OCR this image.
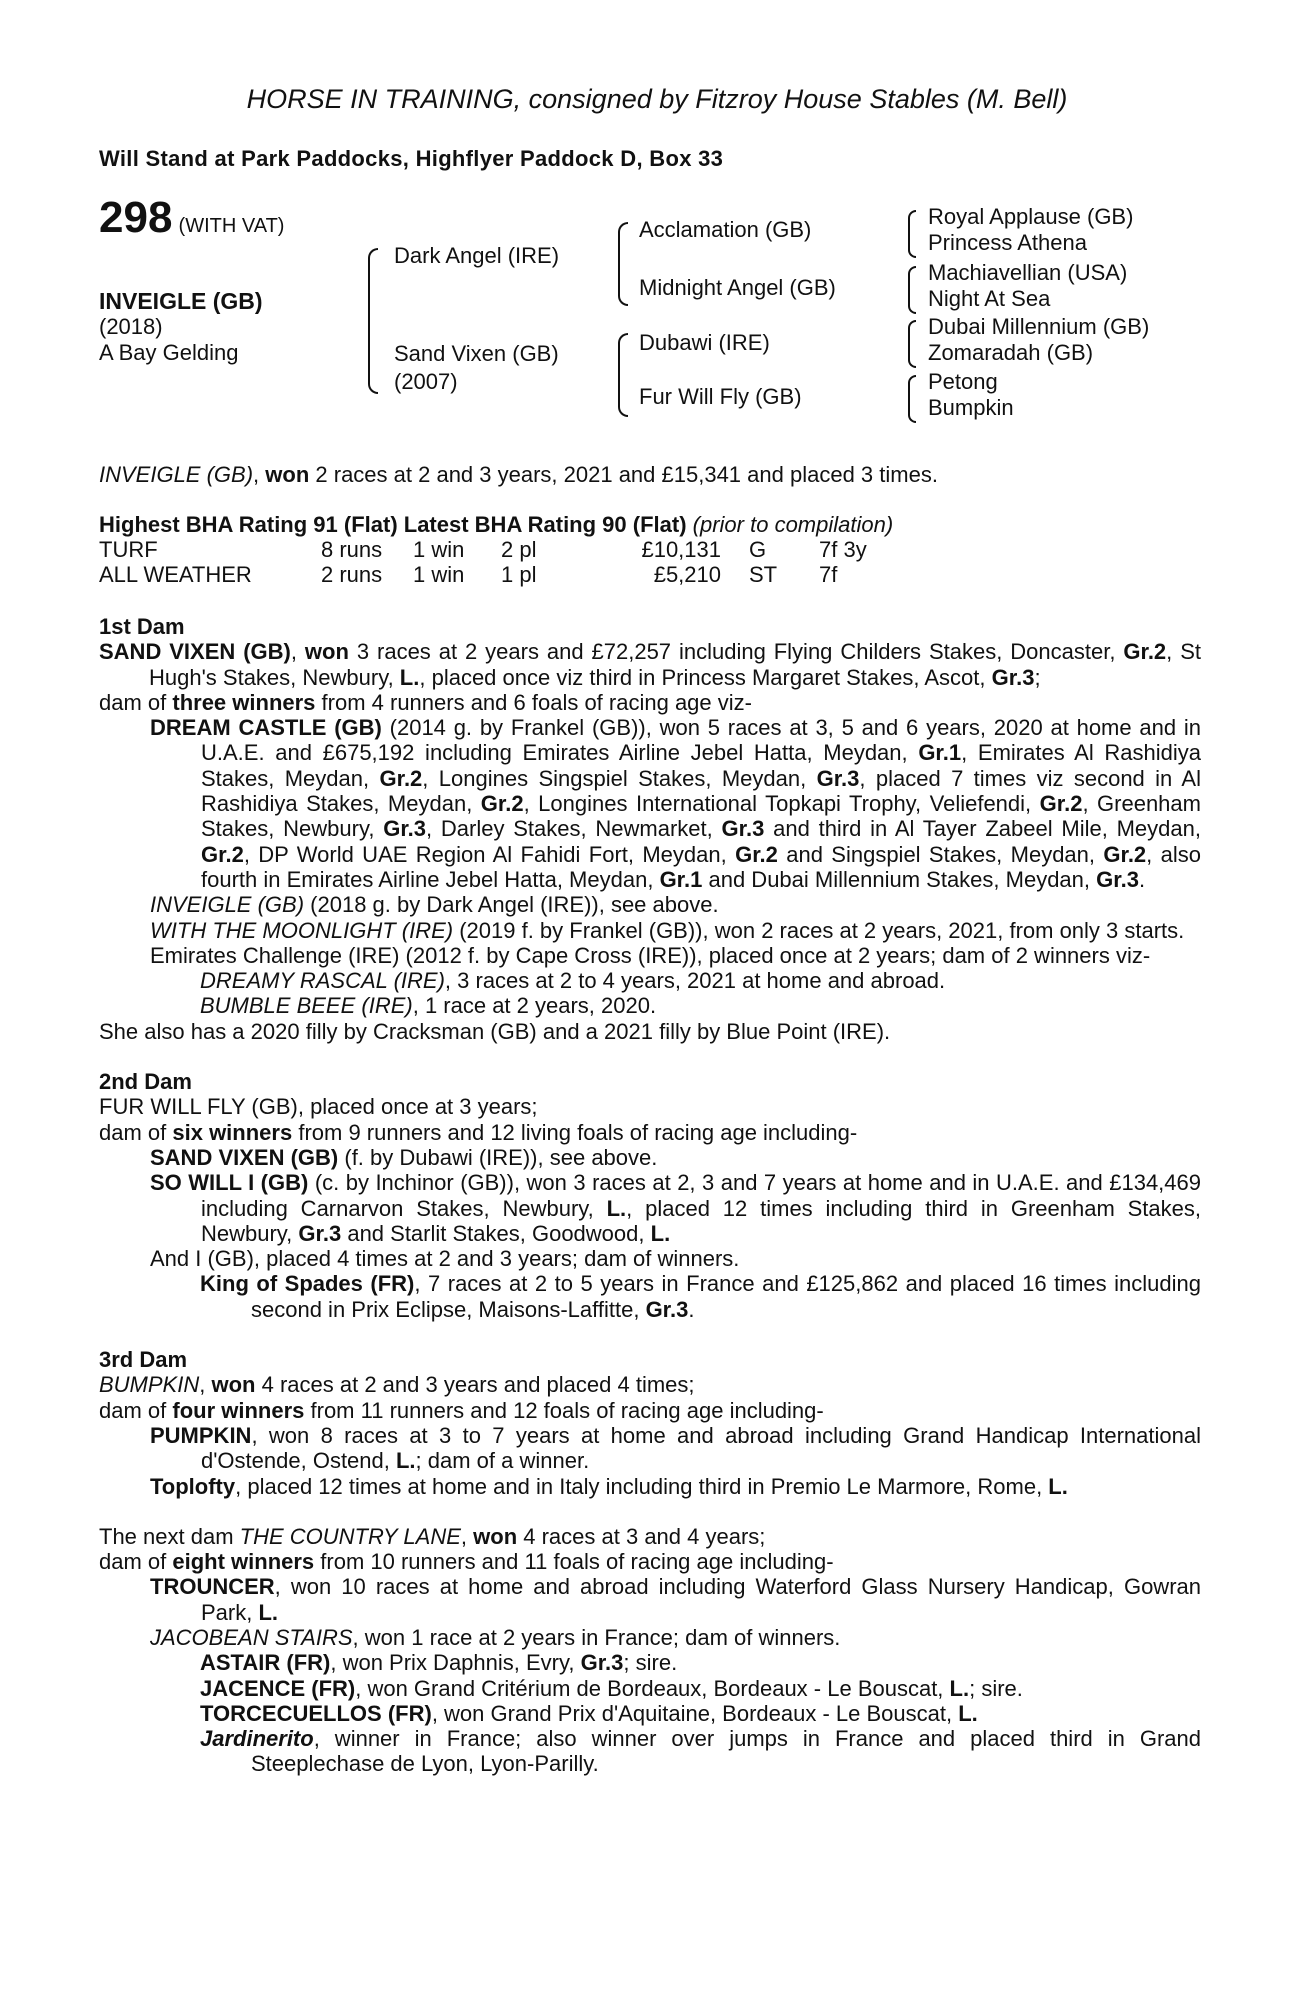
HORSE IN TRAINING, consigned by Fitzroy House Stables (M. Bell)
Will Stand at Park Paddocks, Highflyer Paddock D, Box 33
298 (WITH VAT)
INVEIGLE (GB)
(2018)
A Bay Gelding
Dark Angel (IRE)
Sand Vixen (GB)
(2007)
Acclamation (GB)
Midnight Angel (GB)
Dubawi (IRE)
Fur Will Fly (GB)
Royal Applause (GB)
Princess Athena
Machiavellian (USA)
Night At Sea
Dubai Millennium (GB)
Zomaradah (GB)
Petong
Bumpkin
INVEIGLE (GB), won 2 races at 2 and 3 years, 2021 and £15,341 and placed 3 times.
Highest BHA Rating 91 (Flat) Latest BHA Rating 90 (Flat) (prior to compilation)
TURF	8 runs	1 win	2 pl	£10,131	G	7f 3y
ALL WEATHER	2 runs	1 win	1 pl	£5,210	ST	7f
1st Dam
SAND VIXEN (GB), won 3 races at 2 years and £72,257 including Flying Childers Stakes, Doncaster, Gr.2, St Hugh's Stakes, Newbury, L., placed once viz third in Princess Margaret Stakes, Ascot, Gr.3;
dam of three winners from 4 runners and 6 foals of racing age viz-
DREAM CASTLE (GB) (2014 g. by Frankel (GB)), won 5 races at 3, 5 and 6 years, 2020 at home and in U.A.E. and £675,192 including Emirates Airline Jebel Hatta, Meydan, Gr.1, Emirates Al Rashidiya Stakes, Meydan, Gr.2, Longines Singspiel Stakes, Meydan, Gr.3, placed 7 times viz second in Al Rashidiya Stakes, Meydan, Gr.2, Longines International Topkapi Trophy, Veliefendi, Gr.2, Greenham Stakes, Newbury, Gr.3, Darley Stakes, Newmarket, Gr.3 and third in Al Tayer Zabeel Mile, Meydan, Gr.2, DP World UAE Region Al Fahidi Fort, Meydan, Gr.2 and Singspiel Stakes, Meydan, Gr.2, also fourth in Emirates Airline Jebel Hatta, Meydan, Gr.1 and Dubai Millennium Stakes, Meydan, Gr.3.
INVEIGLE (GB) (2018 g. by Dark Angel (IRE)), see above.
WITH THE MOONLIGHT (IRE) (2019 f. by Frankel (GB)), won 2 races at 2 years, 2021, from only 3 starts.
Emirates Challenge (IRE) (2012 f. by Cape Cross (IRE)), placed once at 2 years; dam of 2 winners viz-
DREAMY RASCAL (IRE), 3 races at 2 to 4 years, 2021 at home and abroad.
BUMBLE BEEE (IRE), 1 race at 2 years, 2020.
She also has a 2020 filly by Cracksman (GB) and a 2021 filly by Blue Point (IRE).
2nd Dam
FUR WILL FLY (GB), placed once at 3 years;
dam of six winners from 9 runners and 12 living foals of racing age including-
SAND VIXEN (GB) (f. by Dubawi (IRE)), see above.
SO WILL I (GB) (c. by Inchinor (GB)), won 3 races at 2, 3 and 7 years at home and in U.A.E. and £134,469 including Carnarvon Stakes, Newbury, L., placed 12 times including third in Greenham Stakes, Newbury, Gr.3 and Starlit Stakes, Goodwood, L.
And I (GB), placed 4 times at 2 and 3 years; dam of winners.
King of Spades (FR), 7 races at 2 to 5 years in France and £125,862 and placed 16 times including second in Prix Eclipse, Maisons-Laffitte, Gr.3.
3rd Dam
BUMPKIN, won 4 races at 2 and 3 years and placed 4 times;
dam of four winners from 11 runners and 12 foals of racing age including-
PUMPKIN, won 8 races at 3 to 7 years at home and abroad including Grand Handicap International d'Ostende, Ostend, L.; dam of a winner.
Toplofty, placed 12 times at home and in Italy including third in Premio Le Marmore, Rome, L.
The next dam THE COUNTRY LANE, won 4 races at 3 and 4 years;
dam of eight winners from 10 runners and 11 foals of racing age including-
TROUNCER, won 10 races at home and abroad including Waterford Glass Nursery Handicap, Gowran Park, L.
JACOBEAN STAIRS, won 1 race at 2 years in France; dam of winners.
ASTAIR (FR), won Prix Daphnis, Evry, Gr.3; sire.
JACENCE (FR), won Grand Critérium de Bordeaux, Bordeaux - Le Bouscat, L.; sire.
TORCECUELLOS (FR), won Grand Prix d'Aquitaine, Bordeaux - Le Bouscat, L.
Jardinerito, winner in France; also winner over jumps in France and placed third in Grand Steeplechase de Lyon, Lyon-Parilly.
